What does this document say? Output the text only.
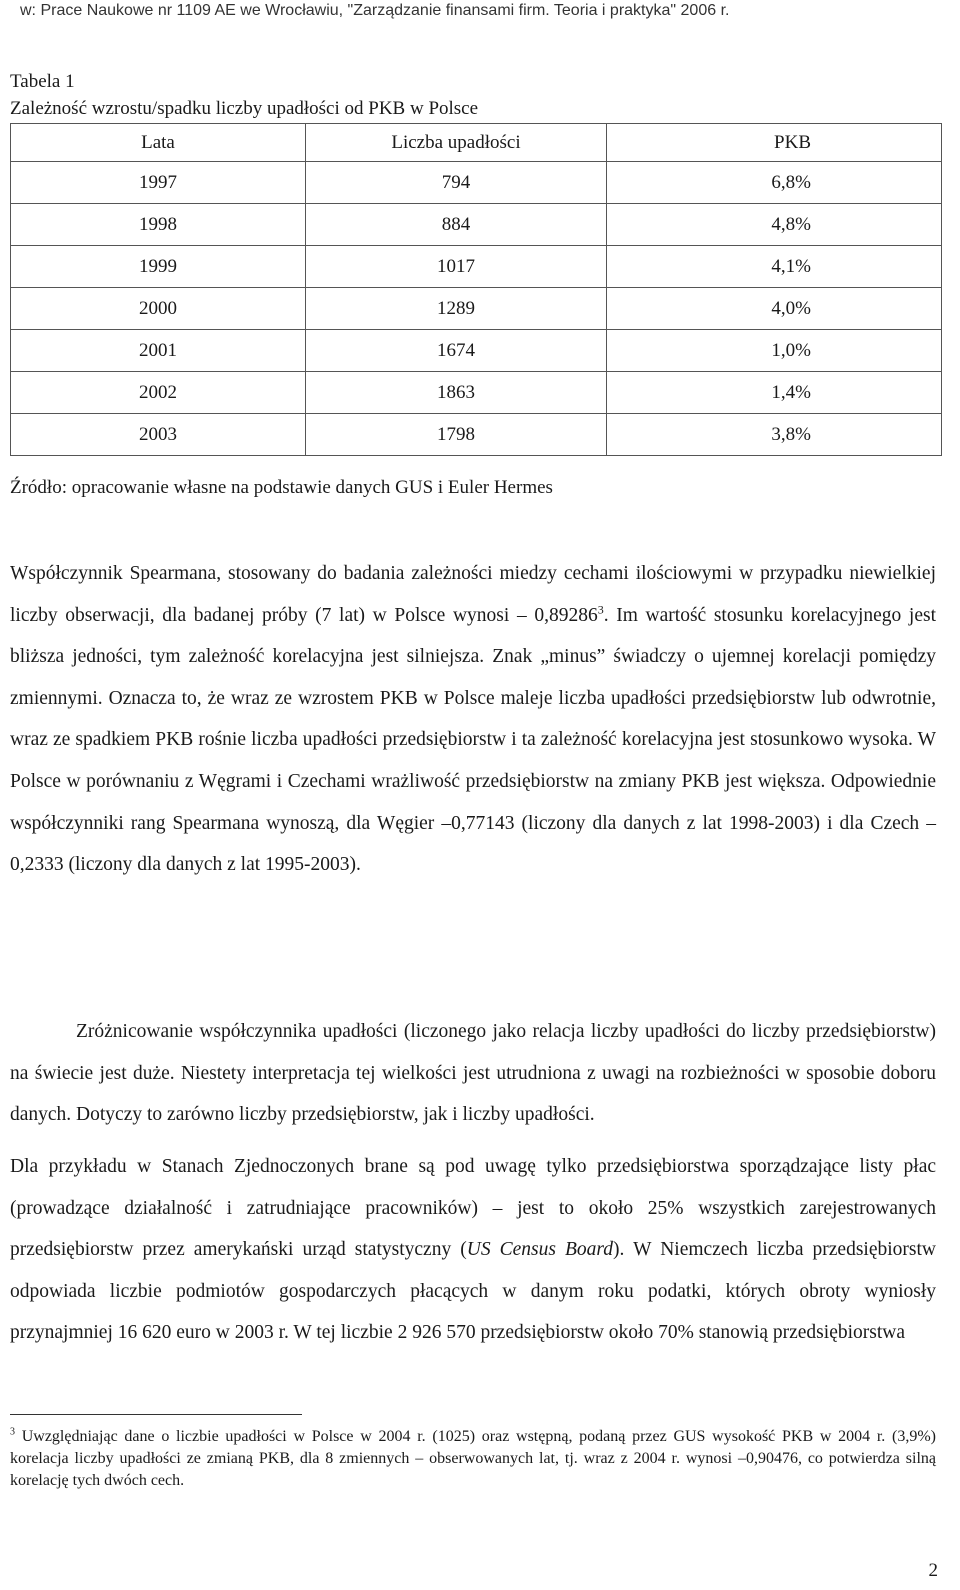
w: Prace Naukowe nr 1109 AE we Wrocławiu, "Zarządzanie finansami firm. Teoria i praktyka" 2006 r.
Tabela 1
Zależność wzrostu/spadku liczby upadłości od PKB w Polsce
Lata	Liczba upadłości	PKB
1997	794	6,8%
1998	884	4,8%
1999	1017	4,1%
2000	1289	4,0%
2001	1674	1,0%
2002	1863	1,4%
2003	1798	3,8%
Źródło: opracowanie własne na podstawie danych GUS i Euler Hermes
Współczynnik Spearmana, stosowany do badania zależności miedzy cechami ilościowymi w przypadku niewielkiej liczby obserwacji, dla badanej próby (7 lat) w Polsce wynosi – 0,89286$^3$. Im wartość stosunku korelacyjnego jest bliższa jedności, tym zależność korelacyjna jest silniejsza. Znak „minus” świadczy o ujemnej korelacji pomiędzy zmiennymi. Oznacza to, że wraz ze wzrostem PKB w Polsce maleje liczba upadłości przedsiębiorstw lub odwrotnie, wraz ze spadkiem PKB rośnie liczba upadłości przedsiębiorstw i ta zależność korelacyjna jest stosunkowo wysoka. W Polsce w porównaniu z Węgrami i Czechami wrażliwość przedsiębiorstw na zmiany PKB jest większa. Odpowiednie współczynniki rang Spearmana wynoszą, dla Węgier –0,77143 (liczony dla danych z lat 1998-2003) i dla Czech –0,2333 (liczony dla danych z lat 1995-2003).
Zróżnicowanie współczynnika upadłości (liczonego jako relacja liczby upadłości do liczby przedsiębiorstw) na świecie jest duże. Niestety interpretacja tej wielkości jest utrudniona z uwagi na rozbieżności w sposobie doboru danych. Dotyczy to zarówno liczby przedsiębiorstw, jak i liczby upadłości.
Dla przykładu w Stanach Zjednoczonych brane są pod uwagę tylko przedsiębiorstwa sporządzające listy płac (prowadzące działalność i zatrudniające pracowników) – jest to około 25% wszystkich zarejestrowanych przedsiębiorstw przez amerykański urząd statystyczny (US Census Board). W Niemczech liczba przedsiębiorstw odpowiada liczbie podmiotów gospodarczych płacących w danym roku podatki, których obroty wyniosły przynajmniej 16 620 euro w 2003 r. W tej liczbie 2 926 570 przedsiębiorstw około 70% stanowią przedsiębiorstwa
$^3$ Uwzględniając dane o liczbie upadłości w Polsce w 2004 r. (1025) oraz wstępną, podaną przez GUS wysokość PKB w 2004 r. (3,9%) korelacja liczby upadłości ze zmianą PKB, dla 8 zmiennych – obserwowanych lat, tj. wraz z 2004 r. wynosi –0,90476, co potwierdza silną korelację tych dwóch cech.
2
